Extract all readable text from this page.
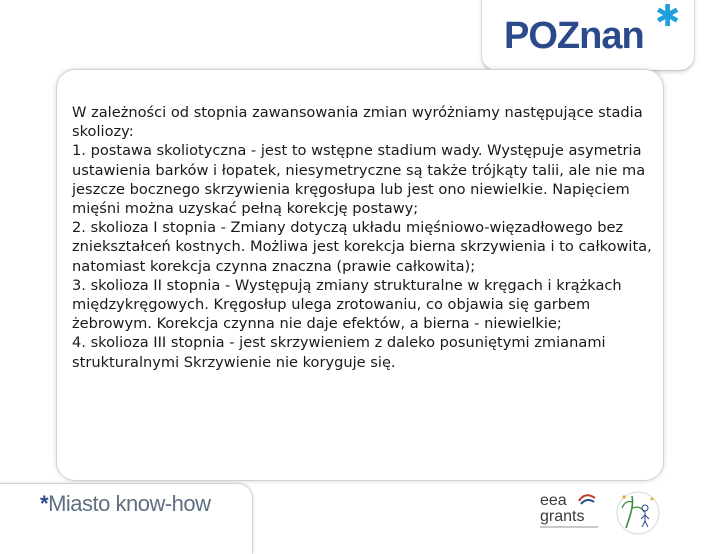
POZnan ✱

W zależności od stopnia zawansowania zmian wyróżniamy następujące stadia skoliozy:

1. postawa skoliotyczna - jest to wstępne stadium wady. Występuje asymetria ustawienia barków i łopatek, niesymetryczne są także trójkąty talii, ale nie ma jeszcze bocznego skrzywienia kręgosłupa lub jest ono niewielkie. Napięciem mięśni można uzyskać pełną korekcję postawy;

2. skolioza I stopnia - Zmiany dotyczą układu mięśniowo-więzadłowego bez zniekształceń kostnych. Możliwa jest korekcja bierna skrzywienia i to całkowita, natomiast korekcja czynna znaczna (prawie całkowita);

3. skolioza II stopnia - Występują zmiany strukturalne w kręgach i krążkach międzykręgowych. Kręgosłup ulega zrotowaniu, co objawia się garbem żebrowym. Korekcja czynna nie daje efektów, a bierna - niewielkie;

4. skolioza III stopnia - jest skrzywieniem z daleko posuniętymi zmianami strukturalnymi Skrzywienie nie koryguje się.

*Miasto know-how	eea
grants
